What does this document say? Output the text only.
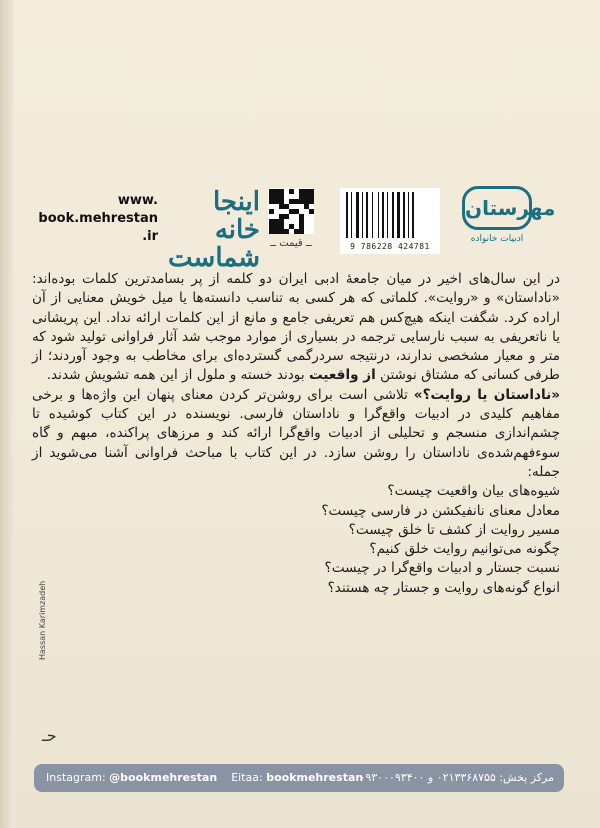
مهرستان
ادبیات خانواده
9 786228 424781
ــ قیمت ــ
اینجا خانه
شماست
www.
book.mehrestan
.ir

در این سال‌های اخیر در میان جامعهٔ ادبی ایران دو کلمه از پر بسامدترین کلمات بوده‌اند: «ناداستان» و «روایت». کلماتی که هر کسی به تناسب دانسته‌ها یا میل خویش معنایی از آن اراده کرد. شگفت اینکه هیچ‌کس هم تعریفی جامع و مانع از این کلمات ارائه نداد. این پریشانی یا ناتعریفی به سبب نارسایی ترجمه در بسیاری از موارد موجب شد آثار فراوانی تولید شود که متر و معیار مشخصی ندارند، درنتیجه سردرگمی گسترده‌ای برای مخاطب به وجود آوردند؛ از طرفی کسانی که مشتاق نوشتن از واقعیت بودند خسته و ملول از این همه تشویش شدند.

«ناداستان یا روایت؟» تلاشی است برای روشن‌تر کردن معنای پنهان این واژه‌ها و برخی مفاهیم کلیدی در ادبیات واقع‌گرا و ناداستان فارسی. نویسنده در این کتاب کوشیده تا چشم‌اندازی منسجم و تحلیلی از ادبیات واقع‌گرا ارائه کند و مرزهای پراکنده، مبهم و گاه سوءفهم‌شده‌ی ناداستان را روشن سازد. در این کتاب با مباحث فراوانی آشنا می‌شوید از جمله:

شیوه‌های بیان واقعیت چیست؟

معادل معنای نانفیکشن در فارسی چیست؟

مسیر روایت از کشف تا خلق چیست؟

چگونه می‌توانیم روایت خلق کنیم؟

نسبت جستار و ادبیات واقع‌گرا در چیست؟

انواع گونه‌های روایت و جستار چه هستند؟

Hassan Karimzadeh
حـ
مرکز پخش: ۰۲۱۳۳۶۸۷۵۵ و ۰۹۳۰۰۰۹۳۴۰۰
Instagram: @bookmehrestan Eitaa: bookmehrestan
